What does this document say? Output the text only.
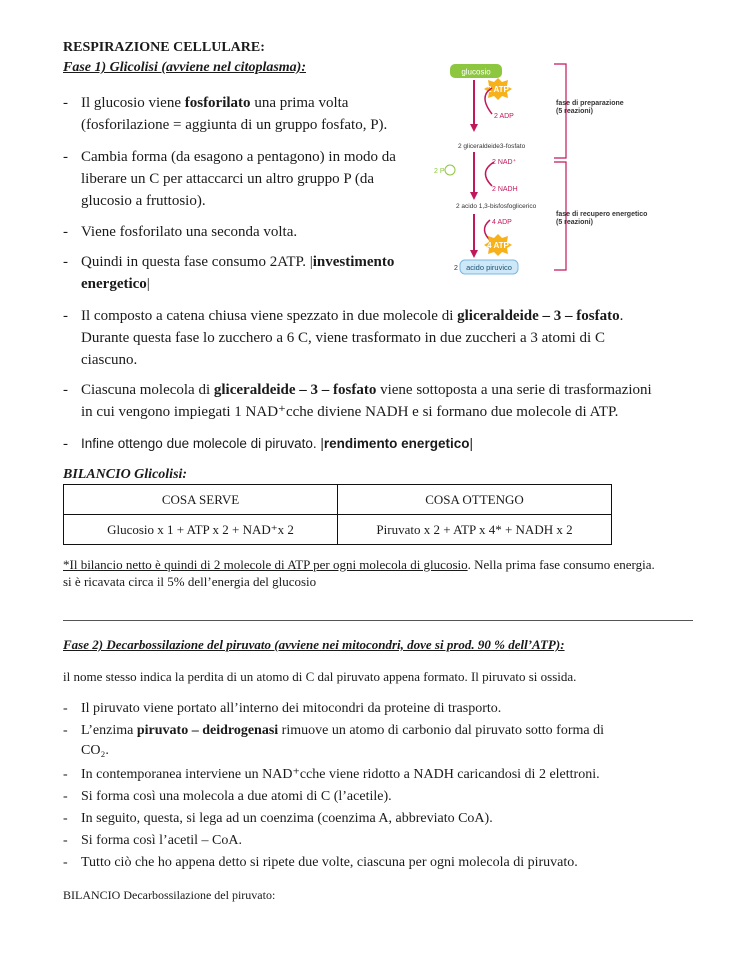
RESPIRAZIONE CELLULARE:
Fase 1) Glicolisi (avviene nel citoplasma):
- Il glucosio viene fosforilato una prima volta
(fosforilazione = aggiunta di un gruppo fosfato, P).
- Cambia forma (da esagono a pentagono) in modo da
liberare un C per attaccarci un altro gruppo P (da
glucosio a fruttosio).
- Viene fosforilato una seconda volta.
- Quindi in questa fase consumo 2ATP. |investimento
energetico|
- Il composto a catena chiusa viene spezzato in due molecole di gliceraldeide – 3 – fosfato.
Durante questa fase lo zucchero a 6 C, viene trasformato in due zuccheri a 3 atomi di C
ciascuno.
- Ciascuna molecola di gliceraldeide – 3 – fosfato viene sottoposta a una serie di trasformazioni
in cui vengono impiegati 1 NAD⁺cche diviene NADH e si formano due molecole di ATP.
- Infine ottengo due molecole di piruvato. |rendimento energetico|
glucosio
2 ATP
2 ADP
fase di preparazione
(5 reazioni)
2 gliceraldeide3-fosfato
2 P
2 NAD⁺
2 NADH
2 acido 1,3-bisfosfoglicerico
fase di recupero energetico
(5 reazioni)
4 ADP
4 ATP
2 acido piruvico
BILANCIO Glicolisi:
COSA SERVE	COSA OTTENGO
Glucosio x 1 + ATP x 2 + NAD⁺x 2	Piruvato x 2 + ATP x 4* + NADH x 2
*Il bilancio netto è quindi di 2 molecole di ATP per ogni molecola di glucosio. Nella prima fase consumo energia.
si è ricavata circa il 5% dell’energia del glucosio
Fase 2) Decarbossilazione del piruvato (avviene nei mitocondri, dove si prod. 90 % dell’ATP):
il nome stesso indica la perdita di un atomo di C dal piruvato appena formato. Il piruvato si ossida.
- Il piruvato viene portato all’interno dei mitocondri da proteine di trasporto.
- L’enzima piruvato – deidrogenasi rimuove un atomo di carbonio dal piruvato sotto forma di
CO₂.
- In contemporanea interviene un NAD⁺cche viene ridotto a NADH caricandosi di 2 elettroni.
- Si forma così una molecola a due atomi di C (l’acetile).
- In seguito, questa, si lega ad un coenzima (coenzima A, abbreviato CoA).
- Si forma così l’acetil – CoA.
- Tutto ciò che ho appena detto si ripete due volte, ciascuna per ogni molecola di piruvato.
BILANCIO Decarbossilazione del piruvato:
